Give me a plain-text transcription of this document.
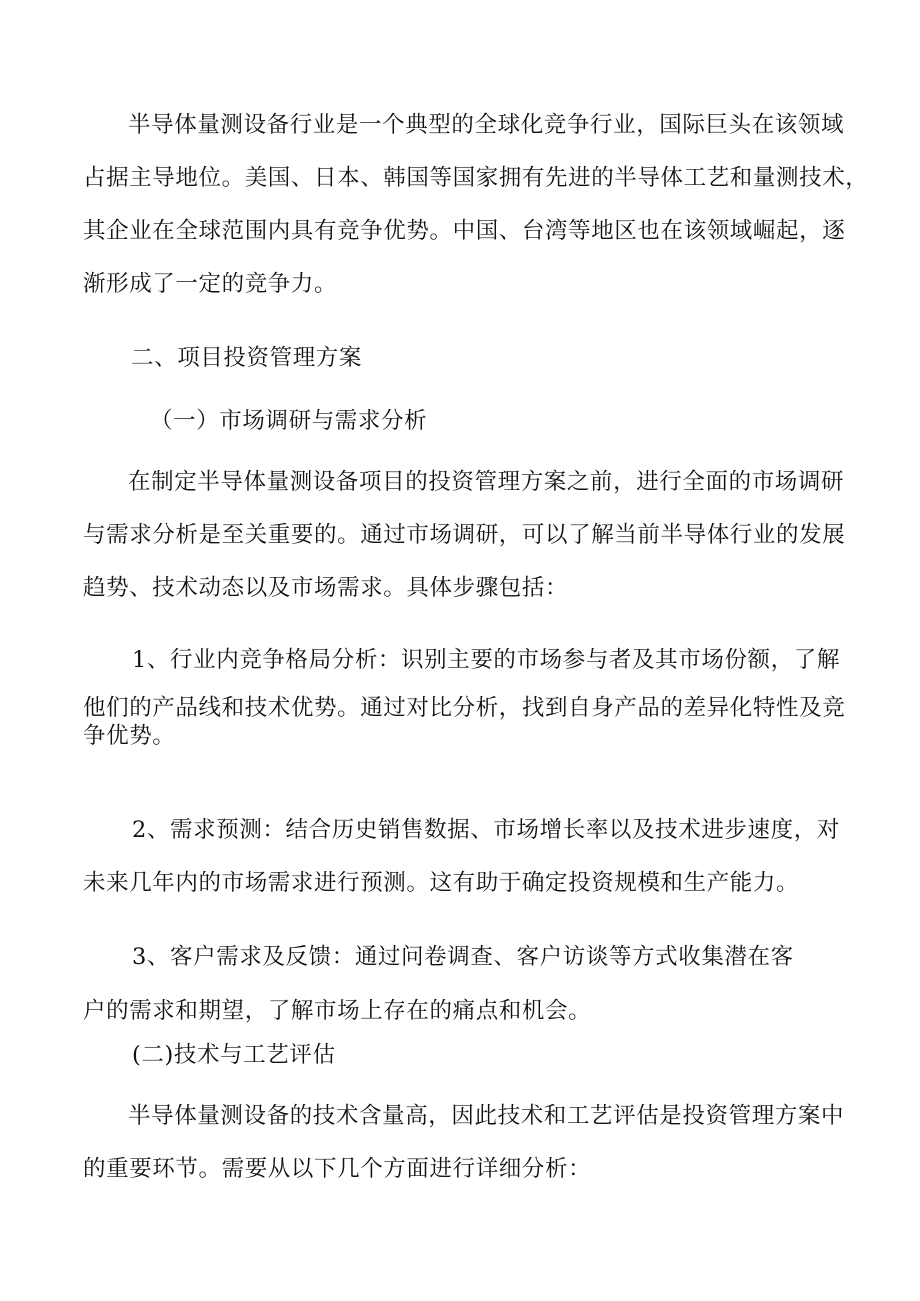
半导体量测设备行业是一个典型的全球化竞争行业，国际巨头在该领域
占据主导地位。美国、日本、韩国等国家拥有先进的半导体工艺和量测技术，
其企业在全球范围内具有竞争优势。中国、台湾等地区也在该领域崛起，逐
渐形成了一定的竞争力。
二、项目投资管理方案
（一）市场调研与需求分析
在制定半导体量测设备项目的投资管理方案之前，进行全面的市场调研
与需求分析是至关重要的。通过市场调研，可以了解当前半导体行业的发展
趋势、技术动态以及市场需求。具体步骤包括：
1、行业内竞争格局分析：识别主要的市场参与者及其市场份额，了解
他们的产品线和技术优势。通过对比分析，找到自身产品的差异化特性及竞
争优势。
2、需求预测：结合历史销售数据、市场增长率以及技术进步速度，对
未来几年内的市场需求进行预测。这有助于确定投资规模和生产能力。
3、客户需求及反馈：通过问卷调查、客户访谈等方式收集潜在客
户的需求和期望，了解市场上存在的痛点和机会。
(二)技术与工艺评估
半导体量测设备的技术含量高，因此技术和工艺评估是投资管理方案中
的重要环节。需要从以下几个方面进行详细分析：
